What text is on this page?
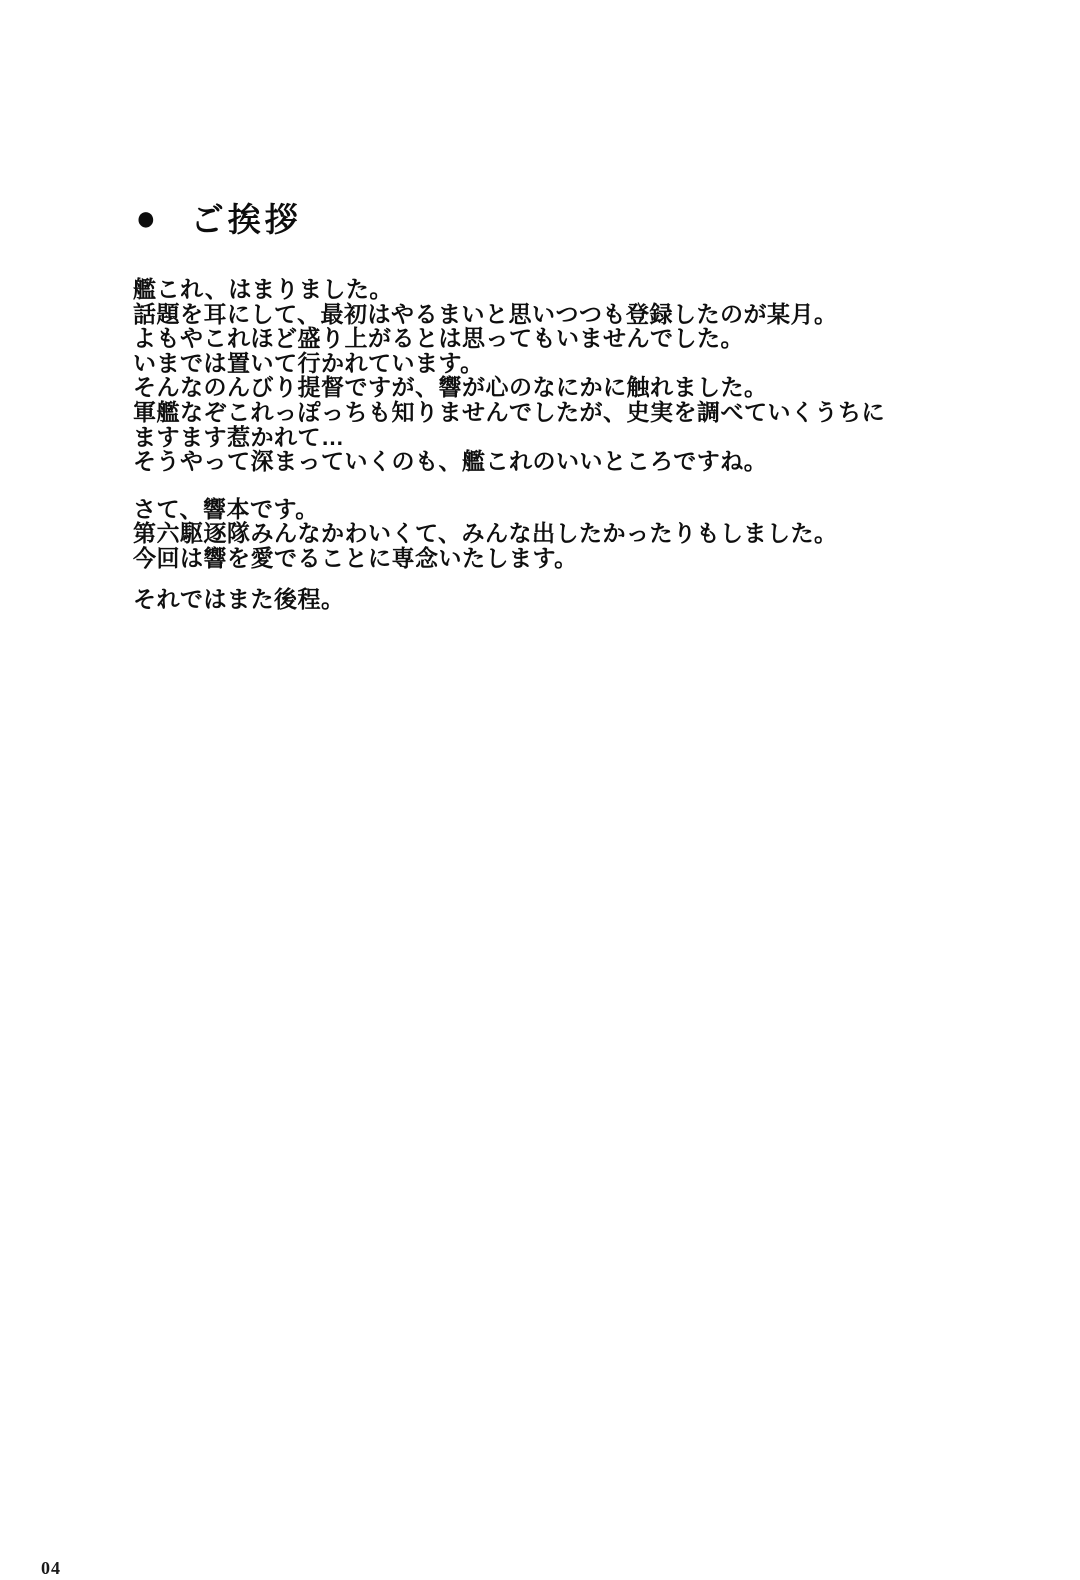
● ご挨拶
艦これ、はまりました。
話題を耳にして、最初はやるまいと思いつつも登録したのが某月。
よもやこれほど盛り上がるとは思ってもいませんでした。
いまでは置いて行かれています。
そんなのんびり提督ですが、響が心のなにかに触れました。
軍艦なぞこれっぽっちも知りませんでしたが、史実を調べていくうちに
ますます惹かれて…
そうやって深まっていくのも、艦これのいいところですね。
さて、響本です。
第六駆逐隊みんなかわいくて、みんな出したかったりもしました。
今回は響を愛でることに専念いたします。
それではまた後程。
04
